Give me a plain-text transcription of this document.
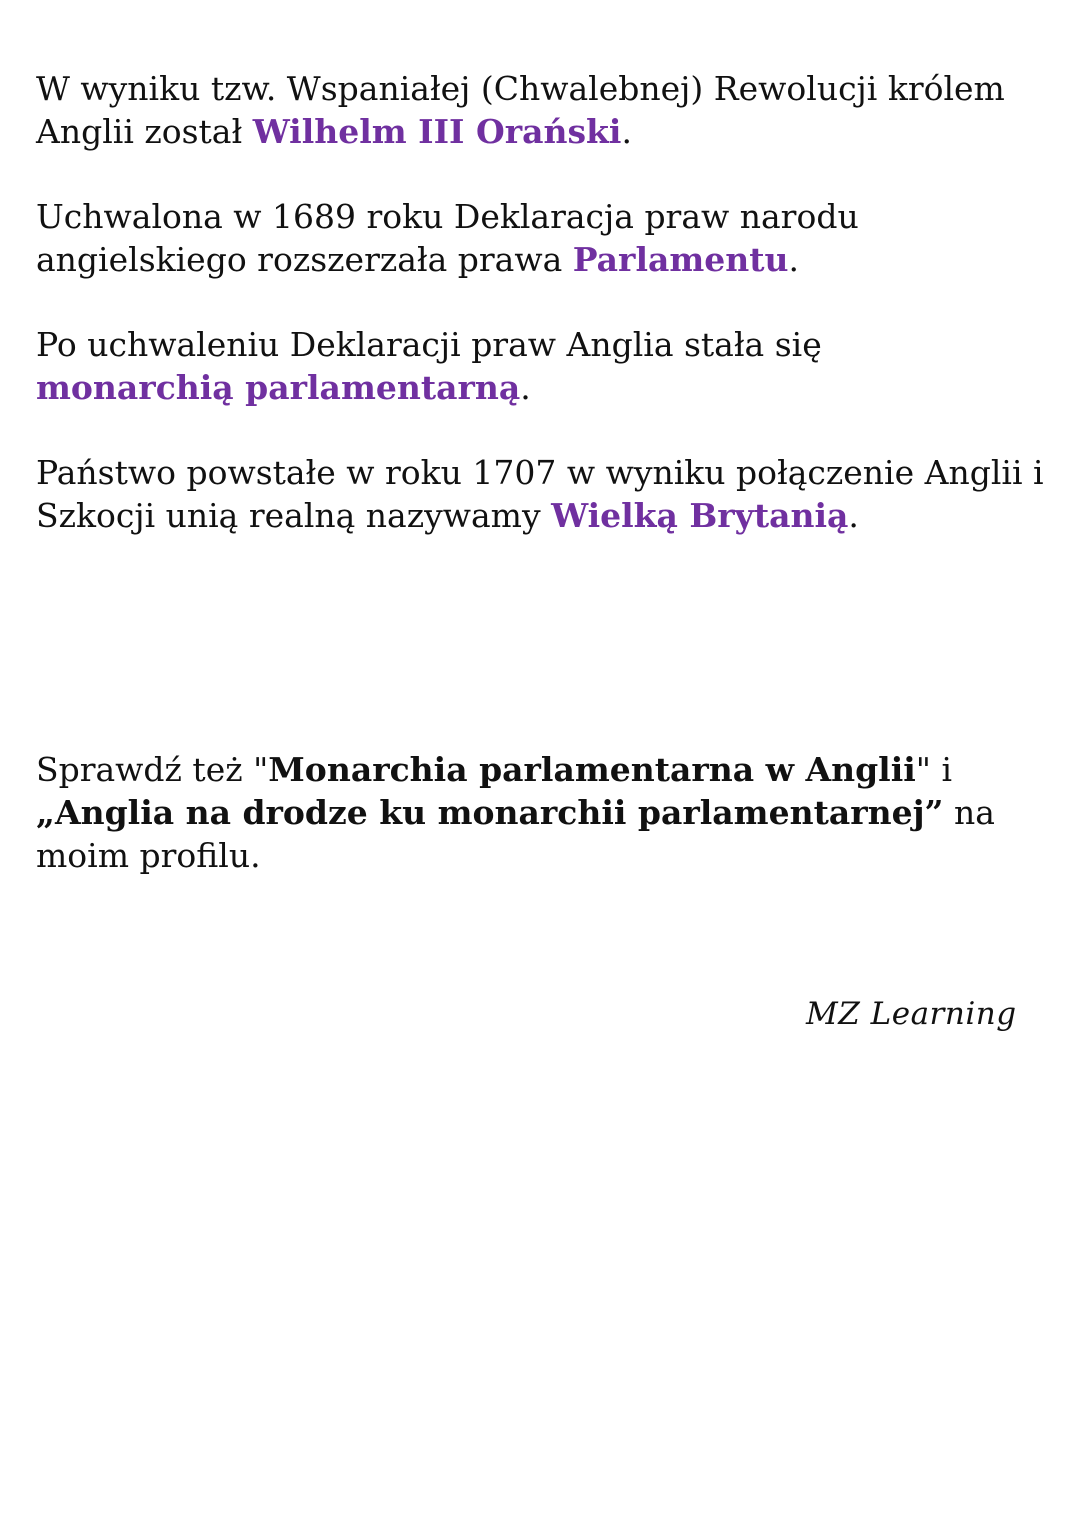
W wyniku tzw. Wspaniałej (Chwalebnej) Rewolucji królem Anglii został Wilhelm III Orański.

Uchwalona w 1689 roku Deklaracja praw narodu angielskiego rozszerzała prawa Parlamentu.

Po uchwaleniu Deklaracji praw Anglia stała się
monarchią parlamentarną.

Państwo powstałe w roku 1707 w wyniku połączenie Anglii i Szkocji unią realną nazywamy Wielką Brytanią.

Sprawdź też "Monarchia parlamentarna w Anglii" i „Anglia na drodze ku monarchii parlamentarnej” na moim profilu.

MZ Learning
